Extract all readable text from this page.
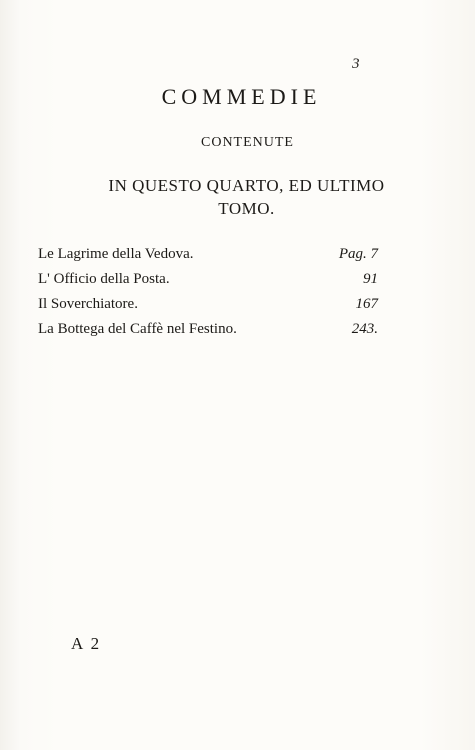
3
COMMEDIE
CONTENUTE
IN QUESTO QUARTO, ED ULTIMO
TOMO.
Le Lagrime della Vedova.	Pag. 7
L' Officio della Posta.	91
Il Soverchiatore.	167
La Bottega del Caffè nel Festino.	243.
A 2
